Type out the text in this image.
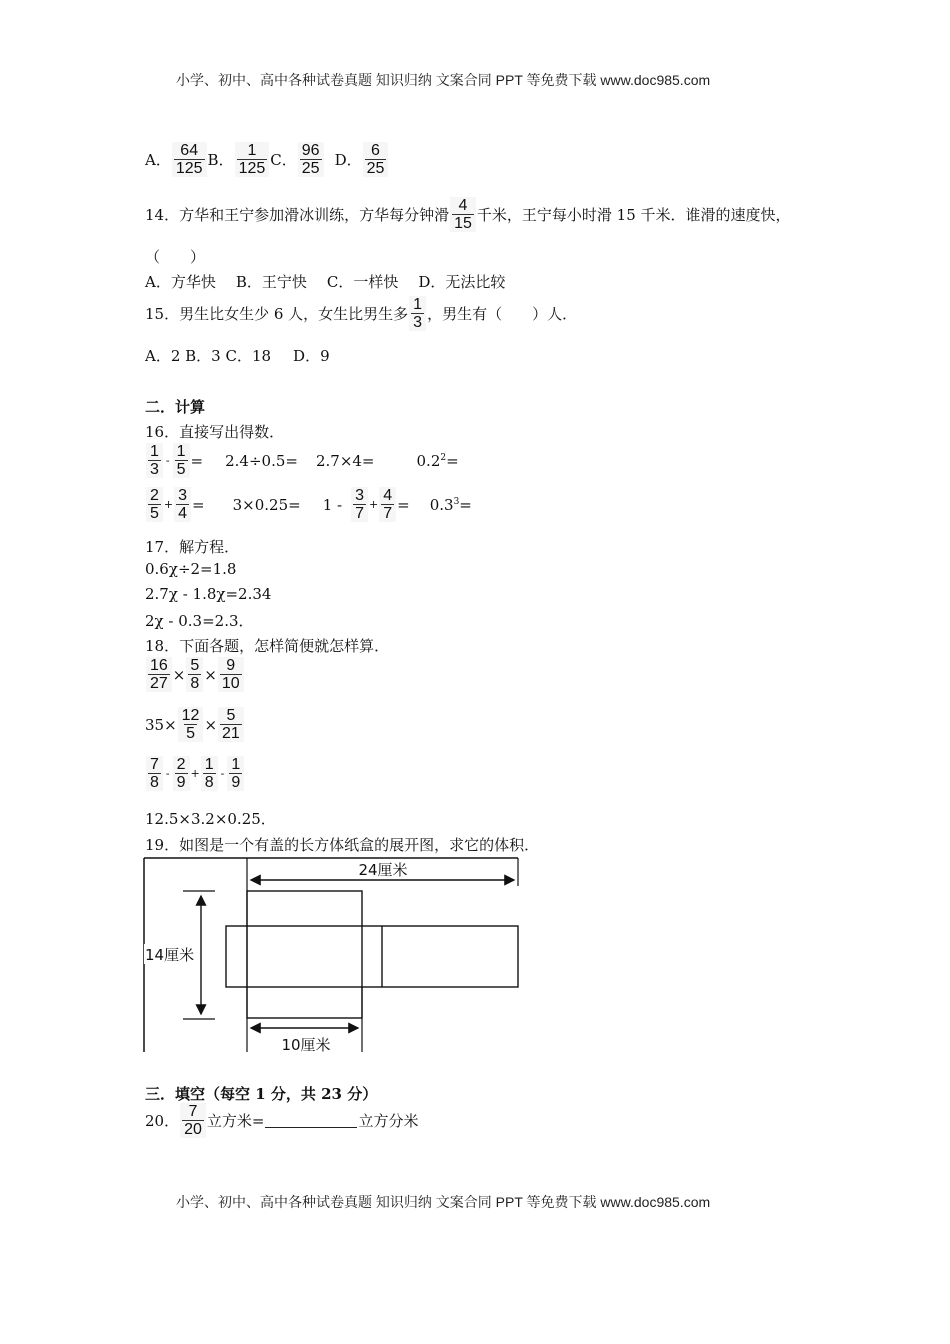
小学、初中、高中各种试卷真题 知识归纳 文案合同 PPT 等免费下载 www.doc985.com
A． $\frac{64}{125}$ B． $\frac{1}{125}$ C． $\frac{96}{25}$ D． $\frac{6}{25}$
14．方华和王宁参加滑冰训练，方华每分钟滑 $\frac{4}{15}$ 千米，王宁每小时滑 15 千米．谁滑的速度快，
（　　）
A．方华快 B．王宁快 C．一样快 D．无法比较
15．男生比女生少 6 人，女生比男生多 $\frac{1}{3}$ ，男生有（　　）人．
A．2 B．3 C．18 D．9
二．计算
16．直接写出得数．
$\frac{1}{3} - \frac{1}{5} = 2.4\div 0.5= 2.7\times 4=$	$0.2^2=$
$\frac{2}{5} + \frac{3}{4} = 3\times 0.25= 1 - \frac{3}{7} + \frac{4}{7} = 0.3^3=$
17．解方程．
0.6χ÷2=1.8
2.7χ - 1.8χ=2.34
2χ - 0.3=2.3．
18．下面各题，怎样简便就怎样算．
$\frac{16}{27} \times \frac{5}{8} \times \frac{9}{10}$
$35\times \frac{12}{5} \times \frac{5}{21}$
$\frac{7}{8} - \frac{2}{9} + \frac{1}{8} - \frac{1}{9}$
12.5×3.2×0.25．
19．如图是一个有盖的长方体纸盒的展开图，求它的体积．
24厘米
14厘米
10厘米
三．填空（每空 1 分，共 23 分）
20． $\frac{7}{20}$ 立方米=	立方分米
小学、初中、高中各种试卷真题 知识归纳 文案合同 PPT 等免费下载 www.doc985.com
